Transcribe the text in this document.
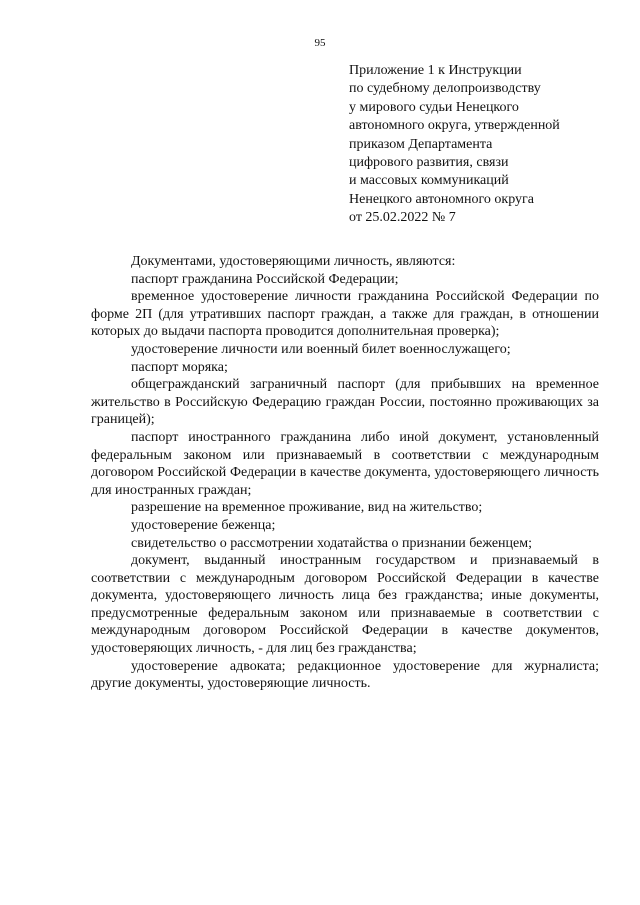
95
Приложение 1 к Инструкции
по судебному делопроизводству
у мирового судьи Ненецкого
автономного округа, утвержденной
приказом Департамента
цифрового развития, связи
и массовых коммуникаций
Ненецкого автономного округа
от 25.02.2022 № 7

Документами, удостоверяющими личность, являются:

паспорт гражданина Российской Федерации;

временное удостоверение личности гражданина Российской Федерации по форме 2П (для утративших паспорт граждан, а также для граждан, в отношении которых до выдачи паспорта проводится дополнительная проверка);

удостоверение личности или военный билет военнослужащего;

паспорт моряка;

общегражданский заграничный паспорт (для прибывших на временное жительство в Российскую Федерацию граждан России, постоянно проживающих за границей);

паспорт иностранного гражданина либо иной документ, установленный федеральным законом или признаваемый в соответствии с международным договором Российской Федерации в качестве документа, удостоверяющего личность для иностранных граждан;

разрешение на временное проживание, вид на жительство;

удостоверение беженца;

свидетельство о рассмотрении ходатайства о признании беженцем;

документ, выданный иностранным государством и признаваемый в соответствии с международным договором Российской Федерации в качестве документа, удостоверяющего личность лица без гражданства; иные документы, предусмотренные федеральным законом или признаваемые в соответствии с международным договором Российской Федерации в качестве документов, удостоверяющих личность, - для лиц без гражданства;

удостоверение адвоката; редакционное удостоверение для журналиста; другие документы, удостоверяющие личность.
